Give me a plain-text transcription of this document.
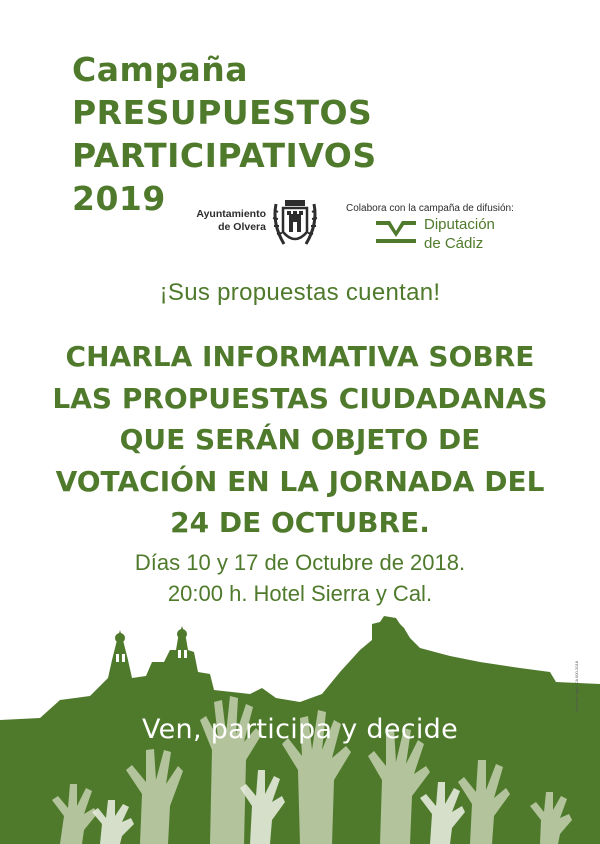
Campaña
PRESUPUESTOS
PARTICIPATIVOS
2019	Ayuntamiento
de Olvera
Colabora con la campaña de difusión:
Diputación
de Cádiz
¡Sus propuestas cuentan!
CHARLA INFORMATIVA SOBRE
LAS PROPUESTAS CIUDADANAS
QUE SERÁN OBJETO DE
VOTACIÓN EN LA JORNADA DEL
24 DE OCTUBRE.
Días 10 y 17 de Octubre de 2018.
20:00 h. Hotel Sierra y Cal.
Ven, participa y decide
Depósito legal: CA 000-2018
